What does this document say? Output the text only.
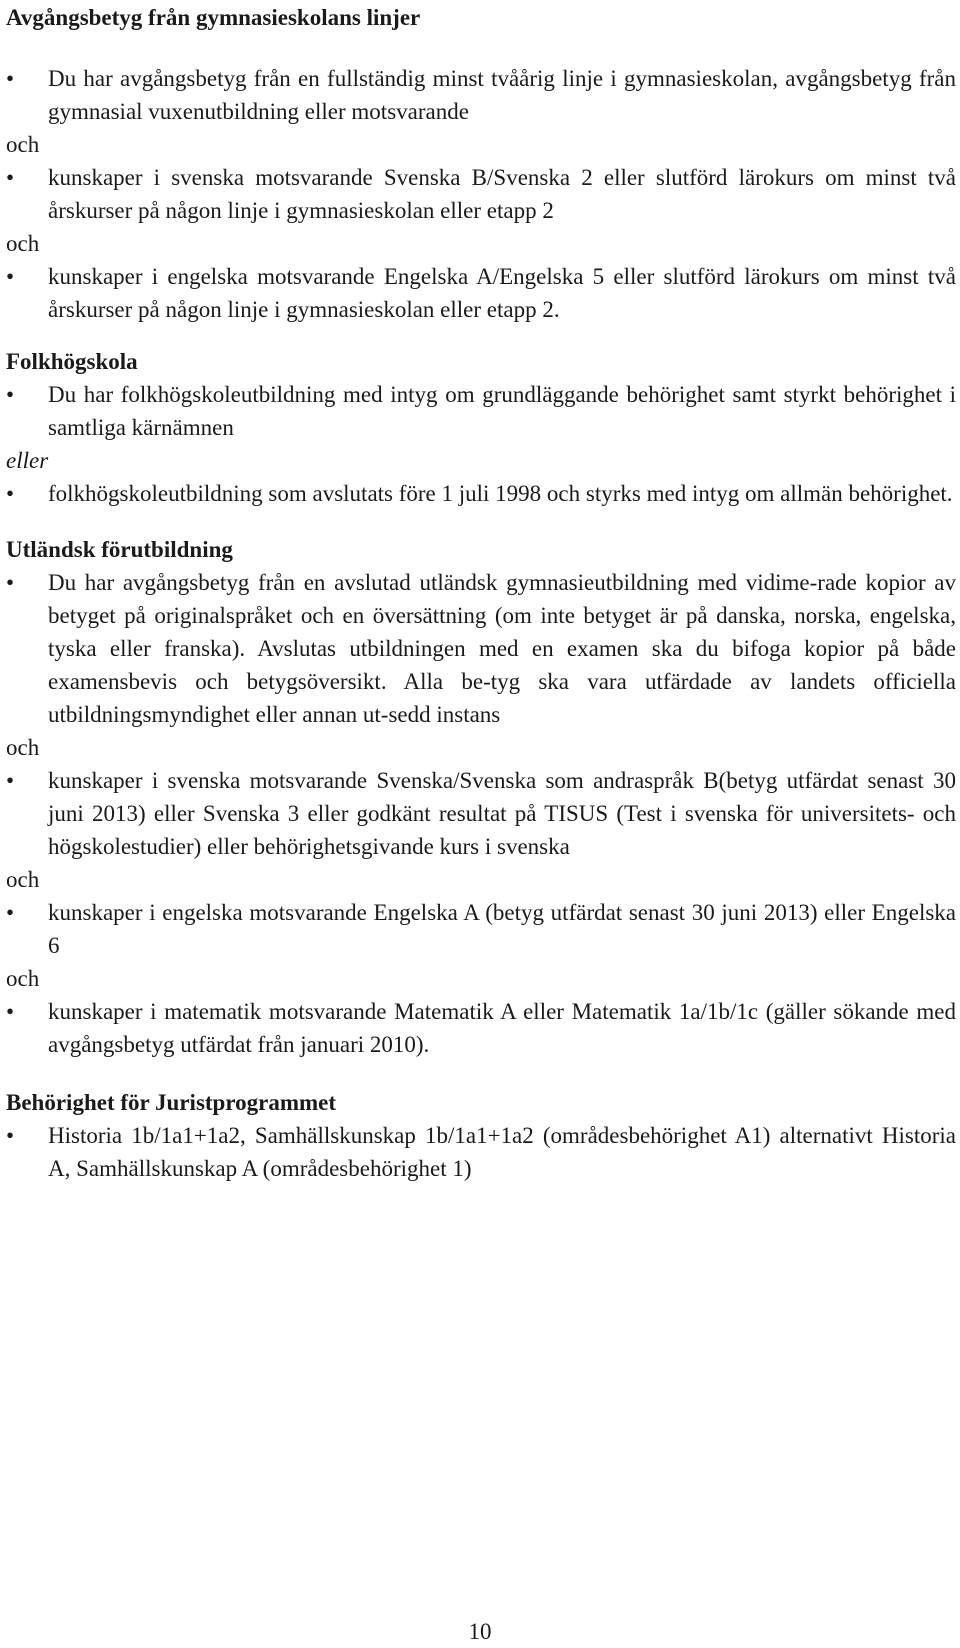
Avgångsbetyg från gymnasieskolans linjer

• Du har avgångsbetyg från en fullständig minst tvåårig linje i gymnasieskolan, avgångsbetyg från gymnasial vuxenutbildning eller motsvarande

och

• kunskaper i svenska motsvarande Svenska B/Svenska 2 eller slutförd lärokurs om minst två årskurser på någon linje i gymnasieskolan eller etapp 2

och

• kunskaper i engelska motsvarande Engelska A/Engelska 5 eller slutförd lärokurs om minst två årskurser på någon linje i gymnasieskolan eller etapp 2.

Folkhögskola

• Du har folkhögskoleutbildning med intyg om grundläggande behörighet samt styrkt behörighet i samtliga kärnämnen

eller

• folkhögskoleutbildning som avslutats före 1 juli 1998 och styrks med intyg om allmän behörighet.

Utländsk förutbildning

• Du har avgångsbetyg från en avslutad utländsk gymnasieutbildning med vidime-rade kopior av betyget på originalspråket och en översättning (om inte betyget är på danska, norska, engelska, tyska eller franska). Avslutas utbildningen med en examen ska du bifoga kopior på både examensbevis och betygsöversikt. Alla be-tyg ska vara utfärdade av landets officiella utbildningsmyndighet eller annan ut-sedd instans

och

• kunskaper i svenska motsvarande Svenska/Svenska som andraspråk B(betyg utfärdat senast 30 juni 2013) eller Svenska 3 eller godkänt resultat på TISUS (Test i svenska för universitets- och högskolestudier) eller behörighetsgivande kurs i svenska

och

• kunskaper i engelska motsvarande Engelska A (betyg utfärdat senast 30 juni 2013) eller Engelska 6

och

• kunskaper i matematik motsvarande Matematik A eller Matematik 1a/1b/1c (gäller sökande med avgångsbetyg utfärdat från januari 2010).

Behörighet för Juristprogrammet

• Historia 1b/1a1+1a2, Samhällskunskap 1b/1a1+1a2 (områdesbehörighet A1) alternativt Historia A, Samhällskunskap A (områdesbehörighet 1)

10
